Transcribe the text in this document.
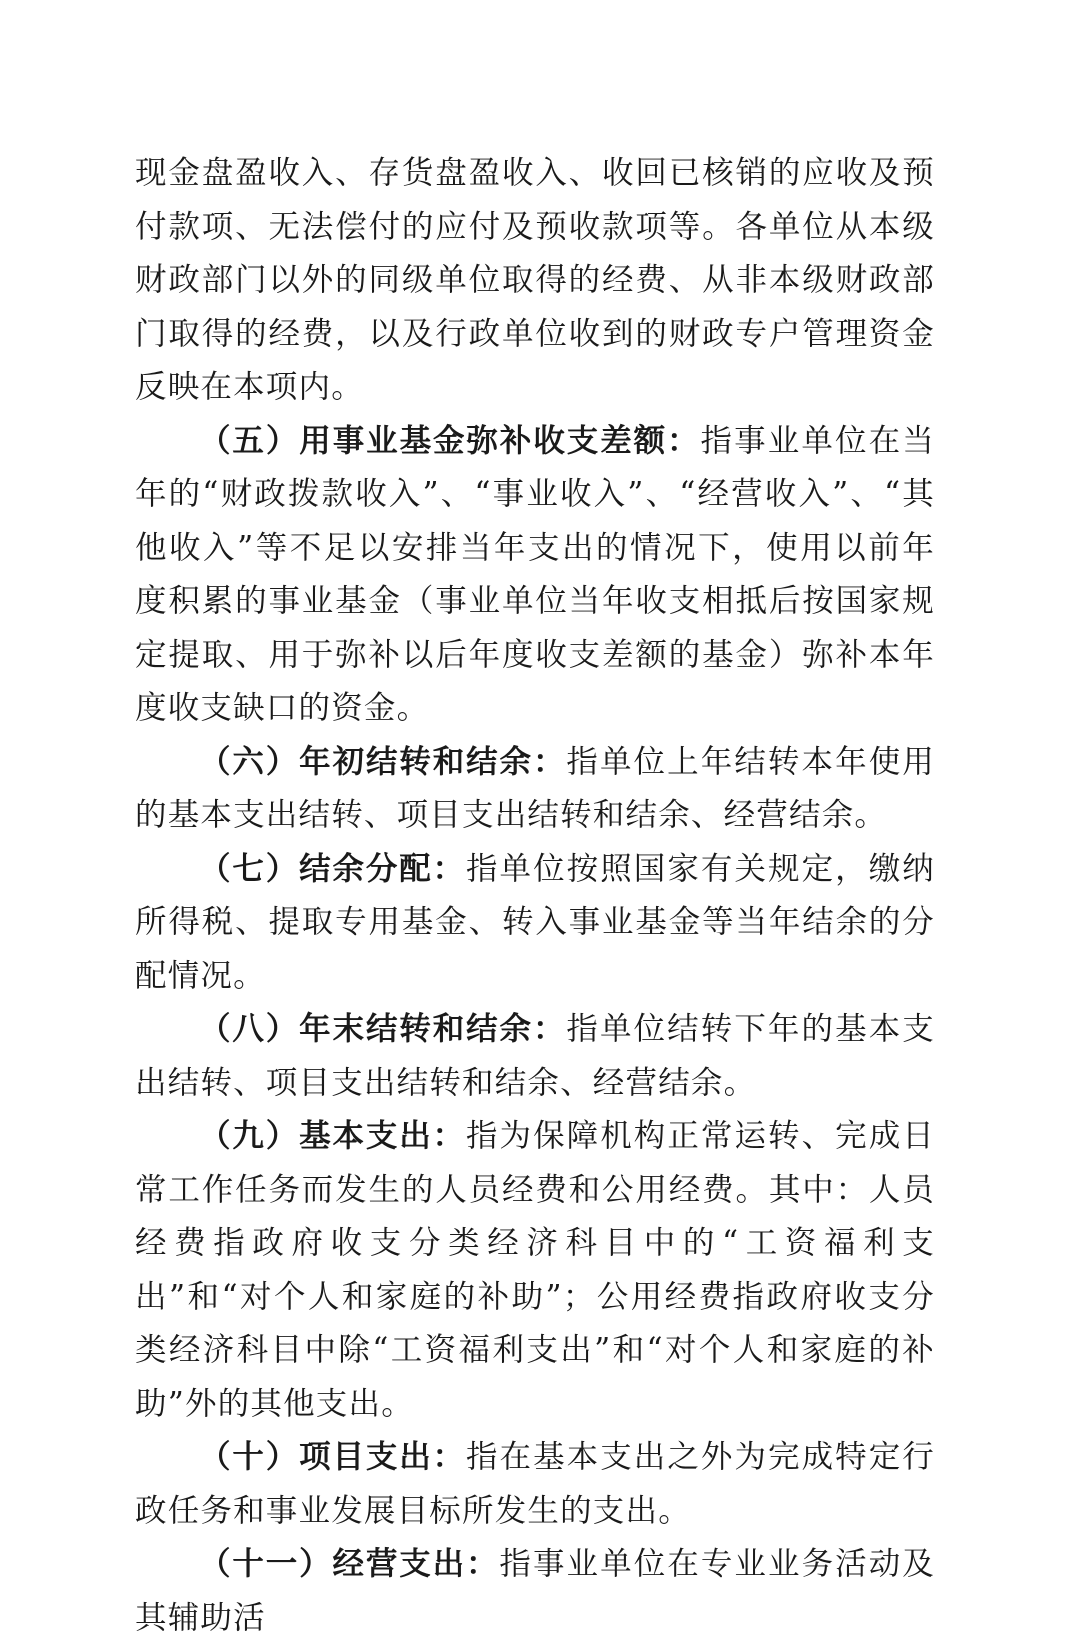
现金盘盈收入、存货盘盈收入、收回已核销的应收及预付款项、无法偿付的应付及预收款项等。各单位从本级财政部门以外的同级单位取得的经费、从非本级财政部门取得的经费，以及行政单位收到的财政专户管理资金反映在本项内。

（五）用事业基金弥补收支差额：指事业单位在当年的“财政拨款收入”、“事业收入”、“经营收入”、“其他收入”等不足以安排当年支出的情况下，使用以前年度积累的事业基金（事业单位当年收支相抵后按国家规定提取、用于弥补以后年度收支差额的基金）弥补本年度收支缺口的资金。

（六）年初结转和结余：指单位上年结转本年使用的基本支出结转、项目支出结转和结余、经营结余。

（七）结余分配：指单位按照国家有关规定，缴纳所得税、提取专用基金、转入事业基金等当年结余的分配情况。

（八）年末结转和结余：指单位结转下年的基本支出结转、项目支出结转和结余、经营结余。

（九）基本支出：指为保障机构正常运转、完成日常工作任务而发生的人员经费和公用经费。其中：人员经费指政府收支分类经济科目中的“工资福利支出”和“对个人和家庭的补助”；公用经费指政府收支分类经济科目中除“工资福利支出”和“对个人和家庭的补助”外的其他支出。

（十）项目支出：指在基本支出之外为完成特定行政任务和事业发展目标所发生的支出。

（十一）经营支出：指事业单位在专业业务活动及其辅助活
